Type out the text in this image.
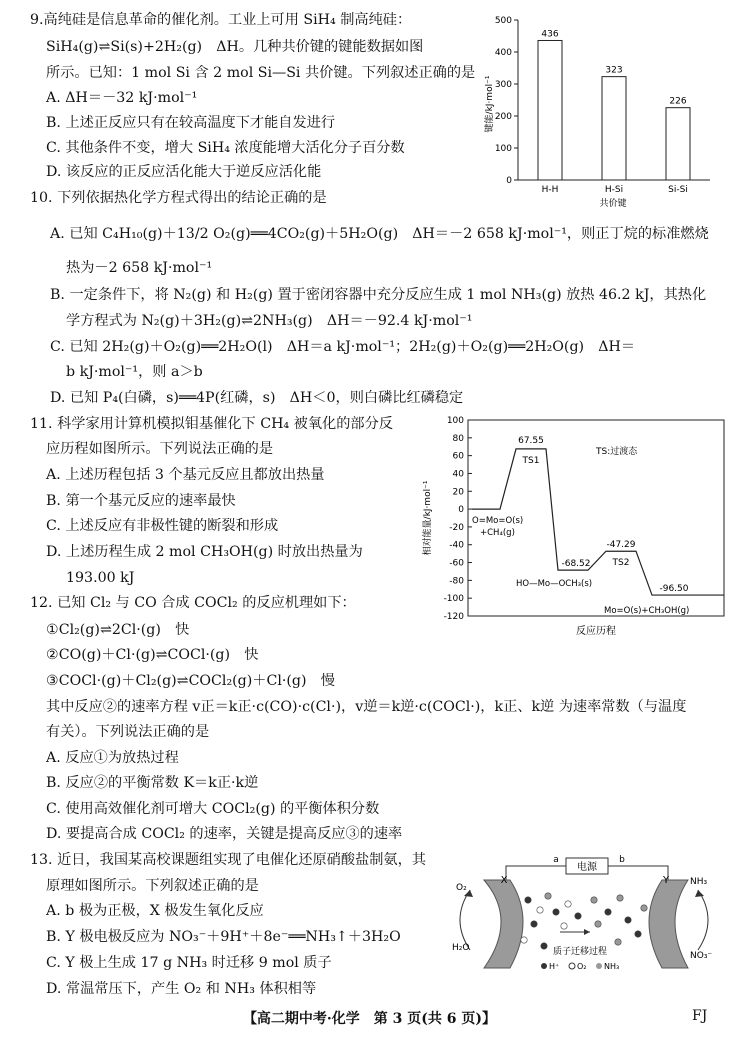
9.高纯硅是信息革命的催化剂。工业上可用 SiH₄ 制高纯硅：
SiH₄(g)⇌Si(s)+2H₂(g)　ΔH。几种共价键的键能数据如图
所示。已知：1 mol Si 含 2 mol Si—Si 共价键。下列叙述正确的是
A. ΔH＝－32 kJ·mol⁻¹
B. 上述正反应只有在较高温度下才能自发进行
C. 其他条件不变，增大 SiH₄ 浓度能增大活化分子百分数
D. 该反应的正反应活化能大于逆反应活化能
0
100
200
300
400
500
436
H-H
323
H-Si
226
Si-Si
键能/kJ·mol⁻¹
共价键
10. 下列依据热化学方程式得出的结论正确的是
A. 已知 C₄H₁₀(g)＋13/2 O₂(g)══4CO₂(g)＋5H₂O(g)　ΔH＝－2 658 kJ·mol⁻¹，则正丁烷的标准燃烧
热为－2 658 kJ·mol⁻¹
B. 一定条件下，将 N₂(g) 和 H₂(g) 置于密闭容器中充分反应生成 1 mol NH₃(g) 放热 46.2 kJ，其热化
学方程式为 N₂(g)＋3H₂(g)⇌2NH₃(g)　ΔH＝－92.4 kJ·mol⁻¹
C. 已知 2H₂(g)＋O₂(g)══2H₂O(l)　ΔH＝a kJ·mol⁻¹；2H₂(g)＋O₂(g)══2H₂O(g)　ΔH＝
b kJ·mol⁻¹，则 a＞b
D. 已知 P₄(白磷，s)══4P(红磷，s)　ΔH＜0，则白磷比红磷稳定
11. 科学家用计算机模拟钼基催化下 CH₄ 被氧化的部分反
应历程如图所示。下列说法正确的是
A. 上述历程包括 3 个基元反应且都放出热量
B. 第一个基元反应的速率最快
C. 上述反应有非极性键的断裂和形成
D. 上述历程生成 2 mol CH₃OH(g) 时放出热量为
193.00 kJ
100
80
60
40
20
0
-20
-40
-60
-80
-100
-120
67.55
-68.52
-47.29
-96.50
TS1
TS2
TS:过渡态
O=Mo=O(s)
+CH₄(g)
HO—Mo—OCH₃(s)
Mo=O(s)+CH₃OH(g)
相对能量/kJ·mol⁻¹
反应历程
12. 已知 Cl₂ 与 CO 合成 COCl₂ 的反应机理如下：
①Cl₂(g)⇌2Cl·(g)　快
②CO(g)＋Cl·(g)⇌COCl·(g)　快
③COCl·(g)＋Cl₂(g)⇌COCl₂(g)＋Cl·(g)　慢
其中反应②的速率方程 v正＝k正·c(CO)·c(Cl·)，v逆＝k逆·c(COCl·)，k正、k逆 为速率常数（与温度
有关）。下列说法正确的是
A. 反应①为放热过程
B. 反应②的平衡常数 K＝k正·k逆
C. 使用高效催化剂可增大 COCl₂(g) 的平衡体积分数
D. 要提高合成 COCl₂ 的速率，关键是提高反应③的速率
13. 近日，我国某高校课题组实现了电催化还原硝酸盐制氨，其
原理如图所示。下列叙述正确的是
A. b 极为正极，X 极发生氧化反应
B. Y 极电极反应为 NO₃⁻＋9H⁺＋8e⁻══NH₃↑＋3H₂O
C. Y 极上生成 17 g NH₃ 时迁移 9 mol 质子
D. 常温常压下，产生 O₂ 和 NH₃ 体积相等
电源
a	b
X	Y
O₂
H₂O
NH₃
NO₃⁻
质子迁移过程
H⁺ O₂ NH₃
【高二期中考·化学　第 3 页(共 6 页)】	FJ
